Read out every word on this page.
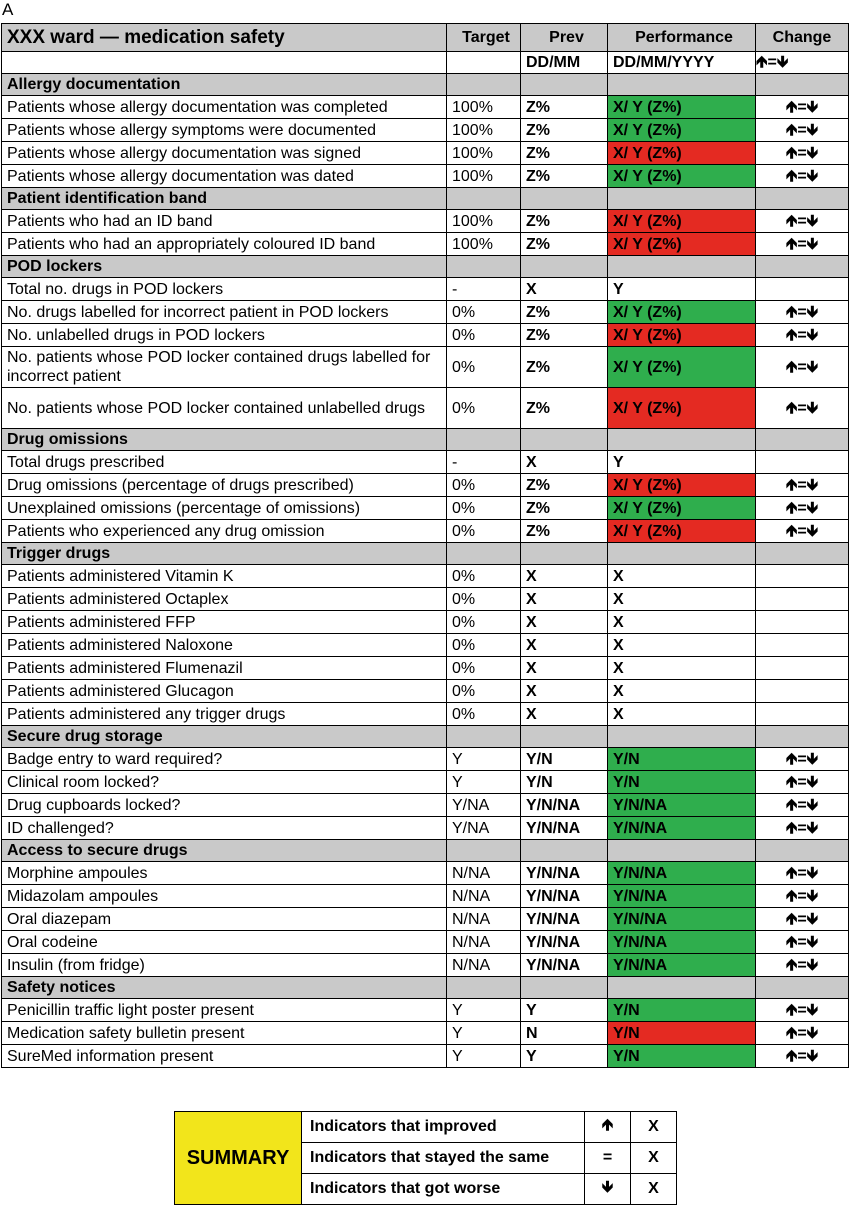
A
XXX ward — medication safety	Target	Prev	Performance	Change
		DD/MM	DD/MM/YYYY	🡹=🡻
Allergy documentation				
Patients whose allergy documentation was completed	100%	Z%	X/ Y (Z%)	🡹=🡻
Patients whose allergy symptoms were documented	100%	Z%	X/ Y (Z%)	🡹=🡻
Patients whose allergy documentation was signed	100%	Z%	X/ Y (Z%)	🡹=🡻
Patients whose allergy documentation was dated	100%	Z%	X/ Y (Z%)	🡹=🡻
Patient identification band				
Patients who had an ID band	100%	Z%	X/ Y (Z%)	🡹=🡻
Patients who had an appropriately coloured ID band	100%	Z%	X/ Y (Z%)	🡹=🡻
POD lockers				
Total no. drugs in POD lockers	-	X	Y	
No. drugs labelled for incorrect patient in POD lockers	0%	Z%	X/ Y (Z%)	🡹=🡻
No. unlabelled drugs in POD lockers	0%	Z%	X/ Y (Z%)	🡹=🡻
No. patients whose POD locker contained drugs labelled for incorrect patient	0%	Z%	X/ Y (Z%)	🡹=🡻
No. patients whose POD locker contained unlabelled drugs	0%	Z%	X/ Y (Z%)	🡹=🡻
Drug omissions				
Total drugs prescribed	-	X	Y	
Drug omissions (percentage of drugs prescribed)	0%	Z%	X/ Y (Z%)	🡹=🡻
Unexplained omissions (percentage of omissions)	0%	Z%	X/ Y (Z%)	🡹=🡻
Patients who experienced any drug omission	0%	Z%	X/ Y (Z%)	🡹=🡻
Trigger drugs				
Patients administered Vitamin K	0%	X	X	
Patients administered Octaplex	0%	X	X	
Patients administered FFP	0%	X	X	
Patients administered Naloxone	0%	X	X	
Patients administered Flumenazil	0%	X	X	
Patients administered Glucagon	0%	X	X	
Patients administered any trigger drugs	0%	X	X	
Secure drug storage				
Badge entry to ward required?	Y	Y/N	Y/N	🡹=🡻
Clinical room locked?	Y	Y/N	Y/N	🡹=🡻
Drug cupboards locked?	Y/NA	Y/N/NA	Y/N/NA	🡹=🡻
ID challenged?	Y/NA	Y/N/NA	Y/N/NA	🡹=🡻
Access to secure drugs				
Morphine ampoules	N/NA	Y/N/NA	Y/N/NA	🡹=🡻
Midazolam ampoules	N/NA	Y/N/NA	Y/N/NA	🡹=🡻
Oral diazepam	N/NA	Y/N/NA	Y/N/NA	🡹=🡻
Oral codeine	N/NA	Y/N/NA	Y/N/NA	🡹=🡻
Insulin (from fridge)	N/NA	Y/N/NA	Y/N/NA	🡹=🡻
Safety notices				
Penicillin traffic light poster present	Y	Y	Y/N	🡹=🡻
Medication safety bulletin present	Y	N	Y/N	🡹=🡻
SureMed information present	Y	Y	Y/N	🡹=🡻
SUMMARY	Indicators that improved	🡹	X
	Indicators that stayed the same	=	X
	Indicators that got worse	🡻	X
